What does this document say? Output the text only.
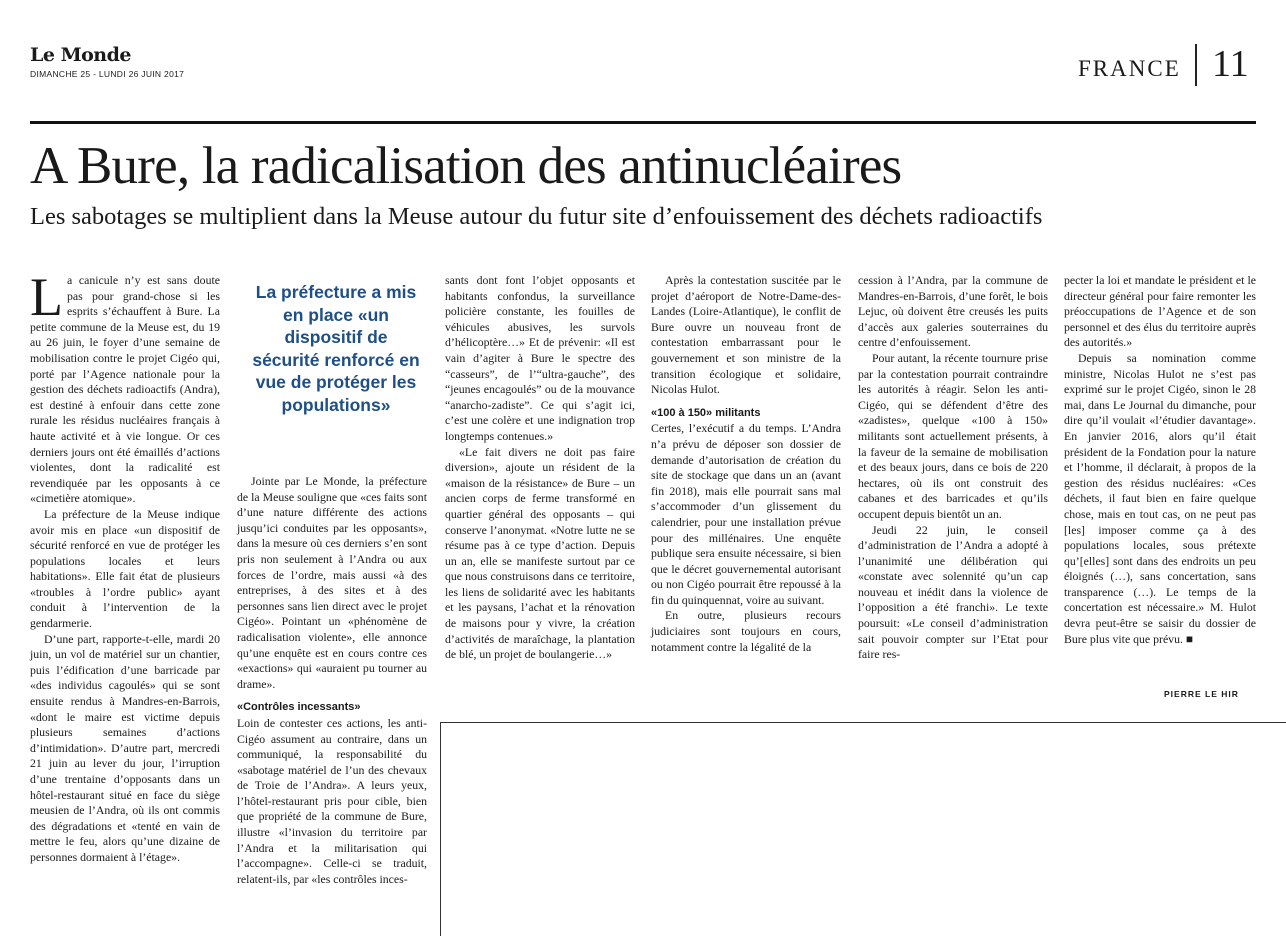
Le Monde
DIMANCHE 25 - LUNDI 26 JUIN 2017	FRANCE 11
A Bure, la radicalisation des antinucléaires
Les sabotages se multiplient dans la Meuse autour du futur site d’enfouissement des déchets radioactifs
L a canicule n’y est sans doute pas pour grand-chose si les esprits s’échauffent à Bure. La petite commune de la Meuse est, du 19 au 26 juin, le foyer d’une semaine de mobilisation contre le projet Cigéo qui, porté par l’Agence nationale pour la gestion des déchets radioactifs (Andra), est destiné à enfouir dans cette zone rurale les résidus nucléaires français à haute activité et à vie longue. Or ces derniers jours ont été émaillés d’actions violentes, dont la radicalité est revendiquée par les opposants à ce «cimetière atomique».

La préfecture de la Meuse indique avoir mis en place «un dispositif de sécurité renforcé en vue de protéger les populations locales et leurs habitations». Elle fait état de plusieurs «troubles à l’ordre public» ayant conduit à l’intervention de la gendarmerie.

D’une part, rapporte-t-elle, mardi 20 juin, un vol de matériel sur un chantier, puis l’édification d’une barricade par «des individus cagoulés» qui se sont ensuite rendus à Mandres-en-Barrois, «dont le maire est victime depuis plusieurs semaines d’actions d’intimidation». D’autre part, mercredi 21 juin au lever du jour, l’irruption d’une trentaine d’opposants dans un hôtel-restaurant situé en face du siège meusien de l’Andra, où ils ont commis des dégradations et «tenté en vain de mettre le feu, alors qu’une dizaine de personnes dormaient à l’étage».

La préfecture a mis en place «un dispositif de sécurité renforcé en vue de protéger les populations»

Jointe par Le Monde, la préfecture de la Meuse souligne que «ces faits sont d’une nature différente des actions jusqu’ici conduites par les opposants», dans la mesure où ces derniers s’en sont pris non seulement à l’Andra ou aux forces de l’ordre, mais aussi «à des entreprises, à des sites et à des personnes sans lien direct avec le projet Cigéo». Pointant un «phénomène de radicalisation violente», elle annonce qu’une enquête est en cours contre ces «exactions» qui «auraient pu tourner au drame».

«Contrôles incessants»

Loin de contester ces actions, les anti-Cigéo assument au contraire, dans un communiqué, la responsabilité du «sabotage matériel de l’un des chevaux de Troie de l’Andra». A leurs yeux, l’hôtel-restaurant pris pour cible, bien que propriété de la commune de Bure, illustre «l’invasion du territoire par l’Andra et la militarisation qui l’accompagne». Celle-ci se traduit, relatent-ils, par «les contrôles inces-

sants dont font l’objet opposants et habitants confondus, la surveillance policière constante, les fouilles de véhicules abusives, les survols d’hélicoptère…» Et de prévenir: «Il est vain d’agiter à Bure le spectre des “casseurs”, de l’“ultra-gauche”, des “jeunes encagoulés” ou de la mouvance “anarcho-zadiste”. Ce qui s’agit ici, c’est une colère et une indignation trop longtemps contenues.»

«Le fait divers ne doit pas faire diversion», ajoute un résident de la «maison de la résistance» de Bure – un ancien corps de ferme transformé en quartier général des opposants – qui conserve l’anonymat. «Notre lutte ne se résume pas à ce type d’action. Depuis un an, elle se manifeste surtout par ce que nous construisons dans ce territoire, les liens de solidarité avec les habitants et les paysans, l’achat et la rénovation de maisons pour y vivre, la création d’activités de maraîchage, la plantation de blé, un projet de boulangerie…»

Après la contestation suscitée par le projet d’aéroport de Notre-Dame-des-Landes (Loire-Atlantique), le conflit de Bure ouvre un nouveau front de contestation embarrassant pour le gouvernement et son ministre de la transition écologique et solidaire, Nicolas Hulot.

«100 à 150» militants

Certes, l’exécutif a du temps. L’Andra n’a prévu de déposer son dossier de demande d’autorisation de création du site de stockage que dans un an (avant fin 2018), mais elle pourrait sans mal s’accommoder d’un glissement du calendrier, pour une installation prévue pour des millénaires. Une enquête publique sera ensuite nécessaire, si bien que le décret gouvernemental autorisant ou non Cigéo pourrait être repoussé à la fin du quinquennat, voire au suivant.

En outre, plusieurs recours judiciaires sont toujours en cours, notamment contre la légalité de la

cession à l’Andra, par la commune de Mandres-en-Barrois, d’une forêt, le bois Lejuc, où doivent être creusés les puits d’accès aux galeries souterraines du centre d’enfouissement.

Pour autant, la récente tournure prise par la contestation pourrait contraindre les autorités à réagir. Selon les anti-Cigéo, qui se défendent d’être des «zadistes», quelque «100 à 150» militants sont actuellement présents, à la faveur de la semaine de mobilisation et des beaux jours, dans ce bois de 220 hectares, où ils ont construit des cabanes et des barricades et qu’ils occupent depuis bientôt un an.

Jeudi 22 juin, le conseil d’administration de l’Andra a adopté à l’unanimité une délibération qui «constate avec solennité qu’un cap nouveau et inédit dans la violence de l’opposition a été franchi». Le texte poursuit: «Le conseil d’administration sait pouvoir compter sur l’Etat pour faire res-

pecter la loi et mandate le président et le directeur général pour faire remonter les préoccupations de l’Agence et de son personnel et des élus du territoire auprès des autorités.»

Depuis sa nomination comme ministre, Nicolas Hulot ne s’est pas exprimé sur le projet Cigéo, sinon le 28 mai, dans Le Journal du dimanche, pour dire qu’il voulait «l’étudier davantage». En janvier 2016, alors qu’il était président de la Fondation pour la nature et l’homme, il déclarait, à propos de la gestion des résidus nucléaires: «Ces déchets, il faut bien en faire quelque chose, mais en tout cas, on ne peut pas [les] imposer comme ça à des populations locales, sous prétexte qu’[elles] sont dans des endroits un peu éloignés (…), sans concertation, sans transparence (…). Le temps de la concertation est nécessaire.» M. Hulot devra peut-être se saisir du dossier de Bure plus vite que prévu. ■

PIERRE LE HIR
